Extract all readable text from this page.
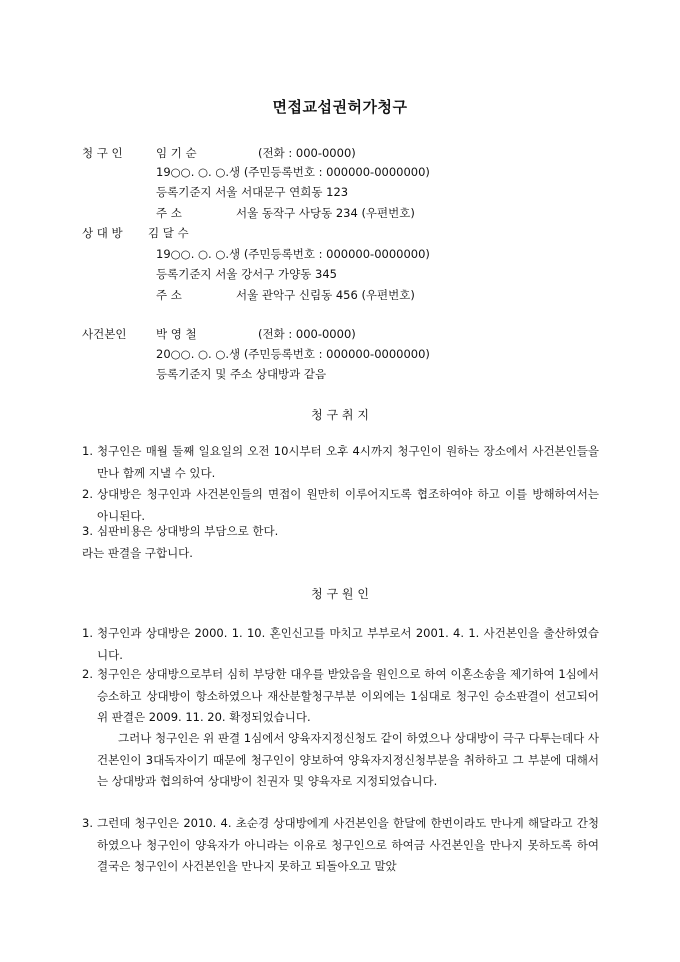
면접교섭권허가청구
청 구 인	임 기 순	(전화 : 000-0000)
19○○. ○. ○.생 (주민등록번호 : 000000-0000000)
등록기준지 서울 서대문구 연희동 123
주 소	서울 동작구 사당동 234 (우편번호)
상 대 방 김 달 수
19○○. ○. ○.생 (주민등록번호 : 000000-0000000)
등록기준지 서울 강서구 가양동 345
주 소	서울 관악구 신림동 456 (우편번호)
사건본인	박 영 철	(전화 : 000-0000)
20○○. ○. ○.생 (주민등록번호 : 000000-0000000)
등록기준지 및 주소 상대방과 같음
청 구 취 지
1. 청구인은 매월 둘째 일요일의 오전 10시부터 오후 4시까지 청구인이 원하는 장소에서 사건본인들을 만나 함께 지낼 수 있다.
2. 상대방은 청구인과 사건본인들의 면접이 원만히 이루어지도록 협조하여야 하고 이를 방해하여서는 아니된다.
3. 심판비용은 상대방의 부담으로 한다.
라는 판결을 구합니다.
청 구 원 인
1. 청구인과 상대방은 2000. 1. 10. 혼인신고를 마치고 부부로서 2001. 4. 1. 사건본인을 출산하였습니다.
2. 청구인은 상대방으로부터 심히 부당한 대우를 받았음을 원인으로 하여 이혼소송을 제기하여 1심에서 승소하고 상대방이 항소하였으나 재산분할청구부분 이외에는 1심대로 청구인 승소판결이 선고되어 위 판결은 2009. 11. 20. 확정되었습니다.
그러나 청구인은 위 판결 1심에서 양육자지정신청도 같이 하였으나 상대방이 극구 다투는데다 사건본인이 3대독자이기 때문에 청구인이 양보하여 양육자지정신청부분을 취하하고 그 부분에 대해서는 상대방과 협의하여 상대방이 친권자 및 양육자로 지정되었습니다.
3. 그런데 청구인은 2010. 4. 초순경 상대방에게 사건본인을 한달에 한번이라도 만나게 해달라고 간청하였으나 청구인이 양육자가 아니라는 이유로 청구인으로 하여금 사건본인을 만나지 못하도록 하여 결국은 청구인이 사건본인을 만나지 못하고 되돌아오고 말았
